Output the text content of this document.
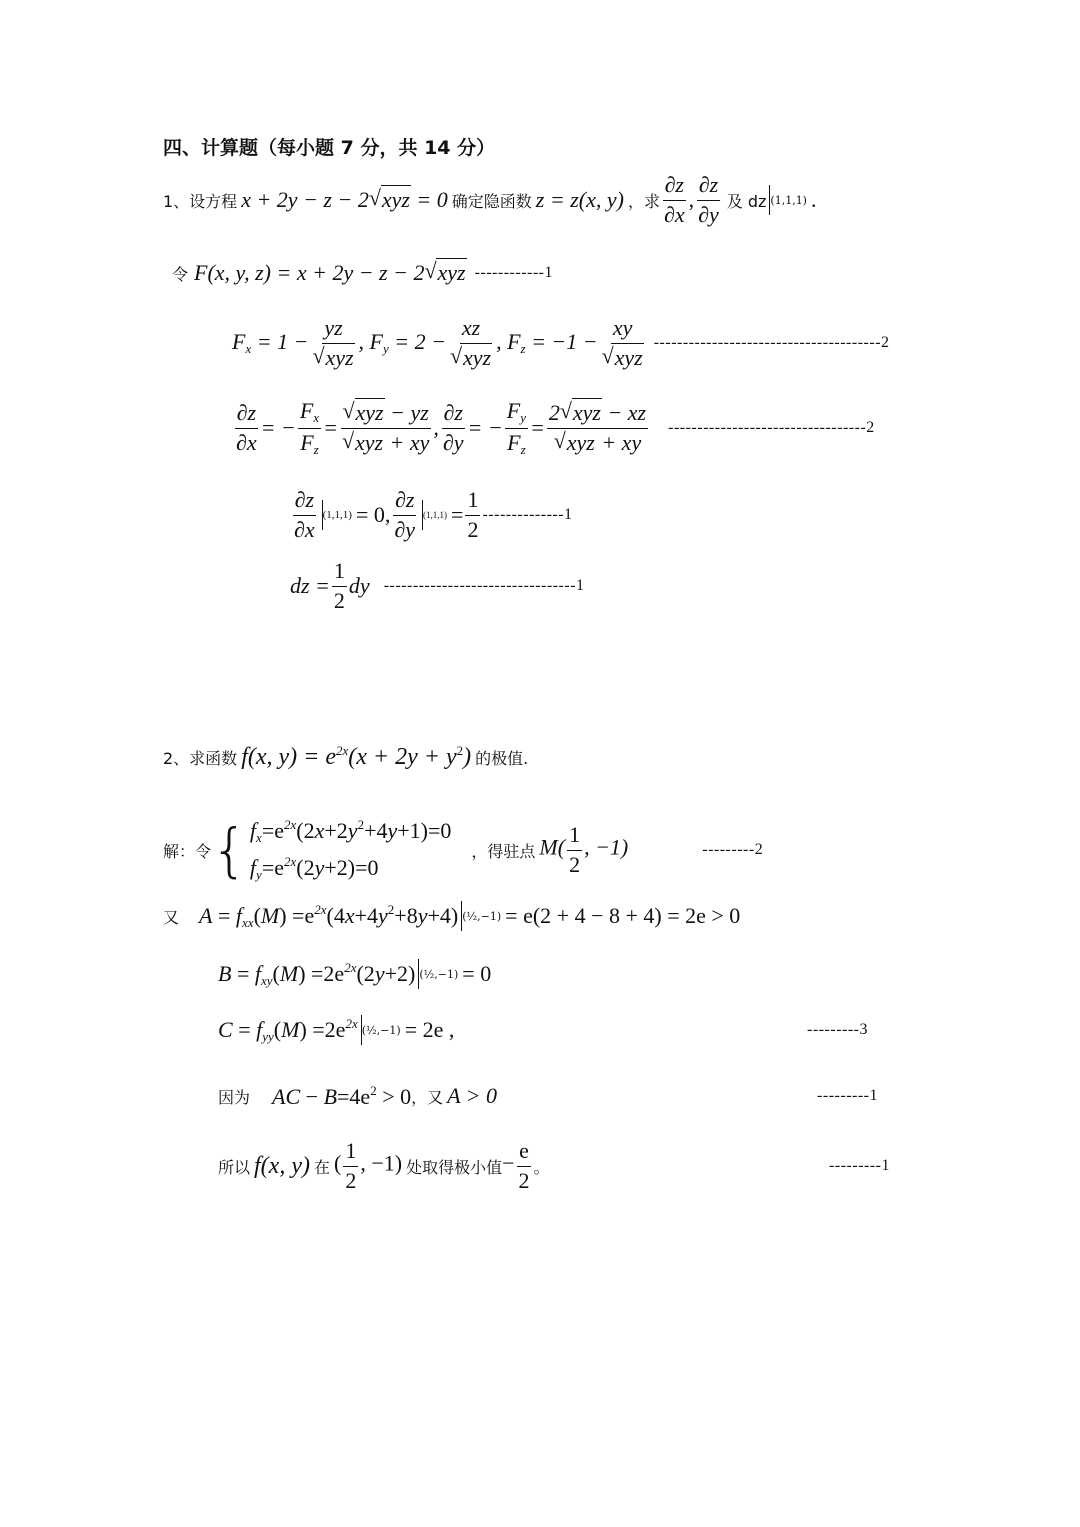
四、计算题（每小题 7 分，共 14 分）
1、设方程 x + 2y − z − 2√ xyz = 0 确定隐函数 z = z(x, y) ，求 $\frac{\partial z}{\partial x}$ , $\frac{\partial z}{\partial y}$ 及 dz (1,1,1) .
令 F(x, y, z) = x + 2y − z − 2√ xyz ------------1
$F_x = 1$ − yz
√ xyz , $F_y = 2$ − xz
√ xyz , $F_z = -1$ − xy
√ xyz ---------------------------------------2
$\frac{\partial z}{\partial x}$ = − $\frac{F_x}{F_z}$ =
√ xyz − yz
√ xyz + xy , $\frac{\partial z}{\partial y}$ = − $\frac{F_y}{F_z} = 2√$ xyz − xz
√ xyz + xy ----------------------------------2
$\frac{\partial z}{\partial x} (1,1,1) = 0$, $\frac{\partial z}{\partial y} (1,1,1) = \frac{1}{2} --------------1$
dz = $\frac{1}{2}$ dy ---------------------------------1
2、求函数 f(x, $y) = e^{2x}(x + 2y + y^2)$ 的极值.
解：令 { $f_x=e^{2x}(2x+2y^2+4y+1)=0$
$f_y=e^{2x}(2y+2)=0$
，得驻点 $M( \frac{1}{2}$ , −1)	---------2
又 $A = f_{xx}(M) =e^{2x}(4x+4y^2+8y+4)$ (½,−1) = e(2 + 4 − 8 + 4) = 2e > 0
$B = f_{xy}(M) =2e^{2x}(2y+2)$ (½,−1) = 0
$C = f_{yy}(M) =2e^{2x}$ (½,−1) = 2e ,	---------3
因为 AC − $B=4e^2 > 0$ ，又 A > 0	---------1
所以 f(x, y) 在 ( $\frac{1}{2}$ , −1) 处取得极小值 − $\frac{e}{2}$ 。	---------1
